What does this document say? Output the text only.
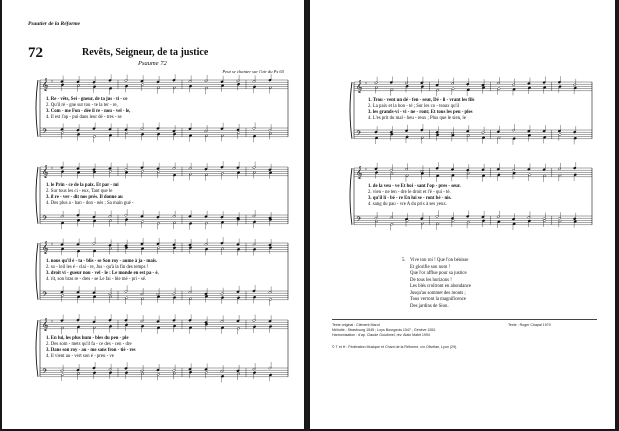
Psautier de la Réforme
72	Revêts, Seigneur, de ta justice
Psaume 72
Peut se chanter sur l'air du Ps 65
𝄞
𝄢
♯
1. Re - vêts, Sei - gneur, de ta jus - ti - ce
2. Qu'il rè - gne sur tou - te la ter - re,
3. Com - me Fon - dée il re - nou - vel - le,
4. Il est l'ap - pui dans leur dé - tres - se
𝄞
𝄢
♯
1. le Prin - ce de la paix. Et par - mi
2. Sur tous les ci - eux, Tant que le
3. il re - ver - dit nos prés. Il donne au
4. Des plus a - ban - don - nés ; Sa main gué -
𝄞
𝄢
♯
1. nous qu'il é - ta - blis - se Son roy - aume à ja - mais.
2. so - leil les é - clai - re, Jus - qu'à la fin des temps !
3. droit vi - gueur nou - vel - le : Le monde en est pa - é.
4. rit, son bras re - dres - se Le fai - ble mé - pri - sé.
𝄞
𝄢
♯
1. En lui, les plus hum - bles du peu - ple
2. Des som - mets qu'il fa - ce des - cen - dre
3. Dans son roy - au - me sans fron - tiè - res
4. Il vient au - vert son é - preu - ve
𝄞
𝄢
♯
1. Trou - vent un dé - fen - seur, Dé - li - vrant les fils
2. La paix et la bon - té ; Sur les co - teaux qu'il
3. les grands-vi - vi - ne - ront; Et tous les peu - ples
4. L'es prit du mal - heu - reux ; Plus que le sien, le
𝄞
𝄢
♯
1. de la veu - ve Et boi - sant l'op - pres - seur.
2. vien - ne ten - dre le droit et l'é - qui - té.
3. qu'il li - bé - re En lui se - ront bé - nis.
4. sang du pau - vre A du prix à ses yeux.
5. Vive ton roi ! Que l'on bénisse
Et glorifie son nom !
Que l'or afflue pour sa justice
De tous les horizons !
Les blés croîtront en abondance
Jusqu'au sommet des monts ;
Tous verront la magnificence
Des jardins de Sion.
Texte original : Clément Marot
Mélodie : Strasbourg 1545 ; Loys Bourgeois 1547 ; Genève 1551
Harmonisation : d'ap. Claude Goudimel, rév. Alain Mabit 1994
Texte : Roger Chapal 1970
© T et H : Fédération Musique et Chant de la Réforme, c/o Olivétan, Lyon (29).
